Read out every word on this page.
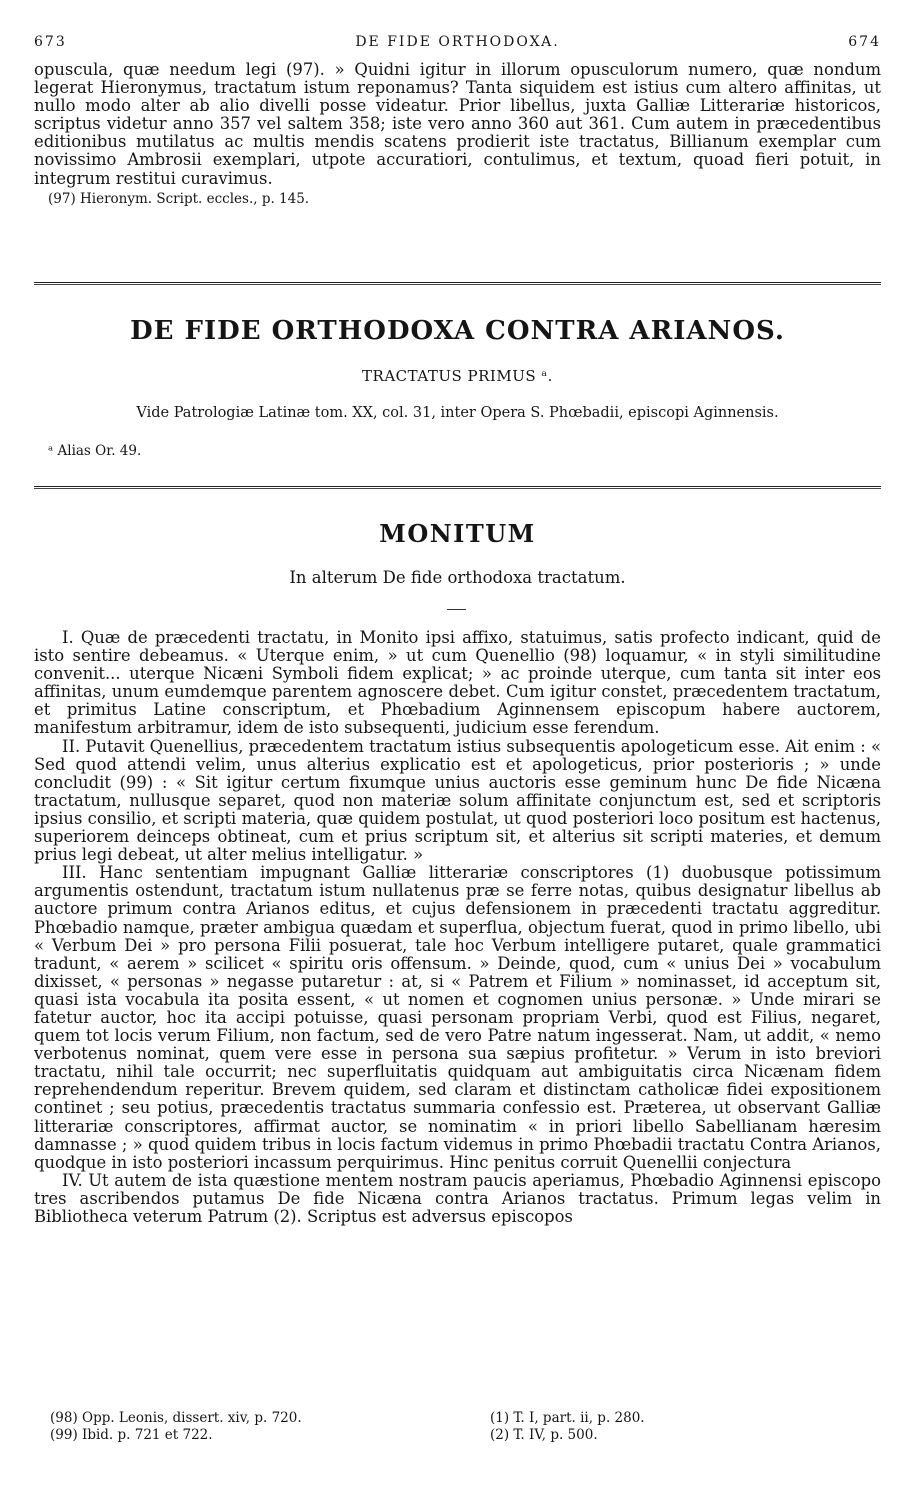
673	DE FIDE ORTHODOXA.	674

opuscula, quæ needum legi (97). » Quidni igitur in illorum opusculorum numero, quæ nondum legerat Hieronymus, tractatum istum reponamus? Tanta siquidem est istius cum altero affinitas, ut nullo modo alter ab alio divelli posse videatur. Prior libellus, juxta Galliæ Litterariæ historicos, scriptus videtur anno 357 vel saltem 358; iste vero anno 360 aut 361. Cum autem in præcedentibus editionibus mutilatus ac multis mendis scatens prodierit iste tractatus, Billianum exemplar cum novissimo Ambrosii exemplari, utpote accuratiori, contulimus, et textum, quoad fieri potuit, in integrum restitui curavimus.

(97) Hieronym. Script. eccles., p. 145.

DE FIDE ORTHODOXA CONTRA ARIANOS.
TRACTATUS PRIMUS ᵃ.
Vide Patrologiæ Latinæ tom. XX, col. 31, inter Opera S. Phœbadii, episcopi Aginnensis.
ᵃ Alias Or. 49.
MONITUM
In alterum De fide orthodoxa tractatum.

I. Quæ de præcedenti tractatu, in Monito ipsi affixo, statuimus, satis profecto indicant, quid de isto sentire debeamus. « Uterque enim, » ut cum Quenellio (98) loquamur, « in styli similitudine convenit... uterque Nicæni Symboli fidem explicat; » ac proinde uterque, cum tanta sit inter eos affinitas, unum eumdemque parentem agnoscere debet. Cum igitur constet, præcedentem tractatum, et primitus Latine conscriptum, et Phœbadium Aginnensem episcopum habere auctorem, manifestum arbitramur, idem de isto subsequenti, judicium esse ferendum.

II. Putavit Quenellius, præcedentem tractatum istius subsequentis apologeticum esse. Ait enim : « Sed quod attendi velim, unus alterius explicatio est et apologeticus, prior posterioris ; » unde concludit (99) : « Sit igitur certum fixumque unius auctoris esse geminum hunc De fide Nicæna tractatum, nullusque separet, quod non materiæ solum affinitate conjunctum est, sed et scriptoris ipsius consilio, et scripti materia, quæ quidem postulat, ut quod posteriori loco positum est hactenus, superiorem deinceps obtineat, cum et prius scriptum sit, et alterius sit scripti materies, et demum prius legi debeat, ut alter melius intelligatur. »

III. Hanc sententiam impugnant Galliæ litterariæ conscriptores (1) duobusque potissimum argumentis ostendunt, tractatum istum nullatenus præ se ferre notas, quibus designatur libellus ab auctore primum contra Arianos editus, et cujus defensionem in præcedenti tractatu aggreditur. Phœbadio namque, præter ambigua quædam et superflua, objectum fuerat, quod in primo libello, ubi « Verbum Dei » pro persona Filii posuerat, tale hoc Verbum intelligere putaret, quale grammatici tradunt, « aerem » scilicet « spiritu oris offensum. » Deinde, quod, cum « unius Dei » vocabulum dixisset, « personas » negasse putaretur : at, si « Patrem et Filium » nominasset, id acceptum sit, quasi ista vocabula ita posita essent, « ut nomen et cognomen unius personæ. » Unde mirari se fatetur auctor, hoc ita accipi potuisse, quasi personam propriam Verbi, quod est Filius, negaret, quem tot locis verum Filium, non factum, sed de vero Patre natum ingesserat. Nam, ut addit, « nemo verbotenus nominat, quem vere esse in persona sua sæpius profitetur. » Verum in isto breviori tractatu, nihil tale occurrit; nec superfluitatis quidquam aut ambiguitatis circa Nicænam fidem reprehendendum reperitur. Brevem quidem, sed claram et distinctam catholicæ fidei expositionem continet ; seu potius, præcedentis tractatus summaria confessio est. Præterea, ut observant Galliæ litterariæ conscriptores, affirmat auctor, se nominatim « in priori libello Sabellianam hæresim damnasse ; » quod quidem tribus in locis factum videmus in primo Phœbadii tractatu Contra Arianos, quodque in isto posteriori incassum perquirimus. Hinc penitus corruit Quenellii conjectura

IV. Ut autem de ista quæstione mentem nostram paucis aperiamus, Phœbadio Aginnensi episcopo tres ascribendos putamus De fide Nicæna contra Arianos tractatus. Primum legas velim in Bibliotheca veterum Patrum (2). Scriptus est adversus episcopos

(98) Opp. Leonis, dissert. xiv, p. 720.
(99) Ibid. p. 721 et 722.
(1) T. I, part. ii, p. 280.
(2) T. IV, p. 500.
